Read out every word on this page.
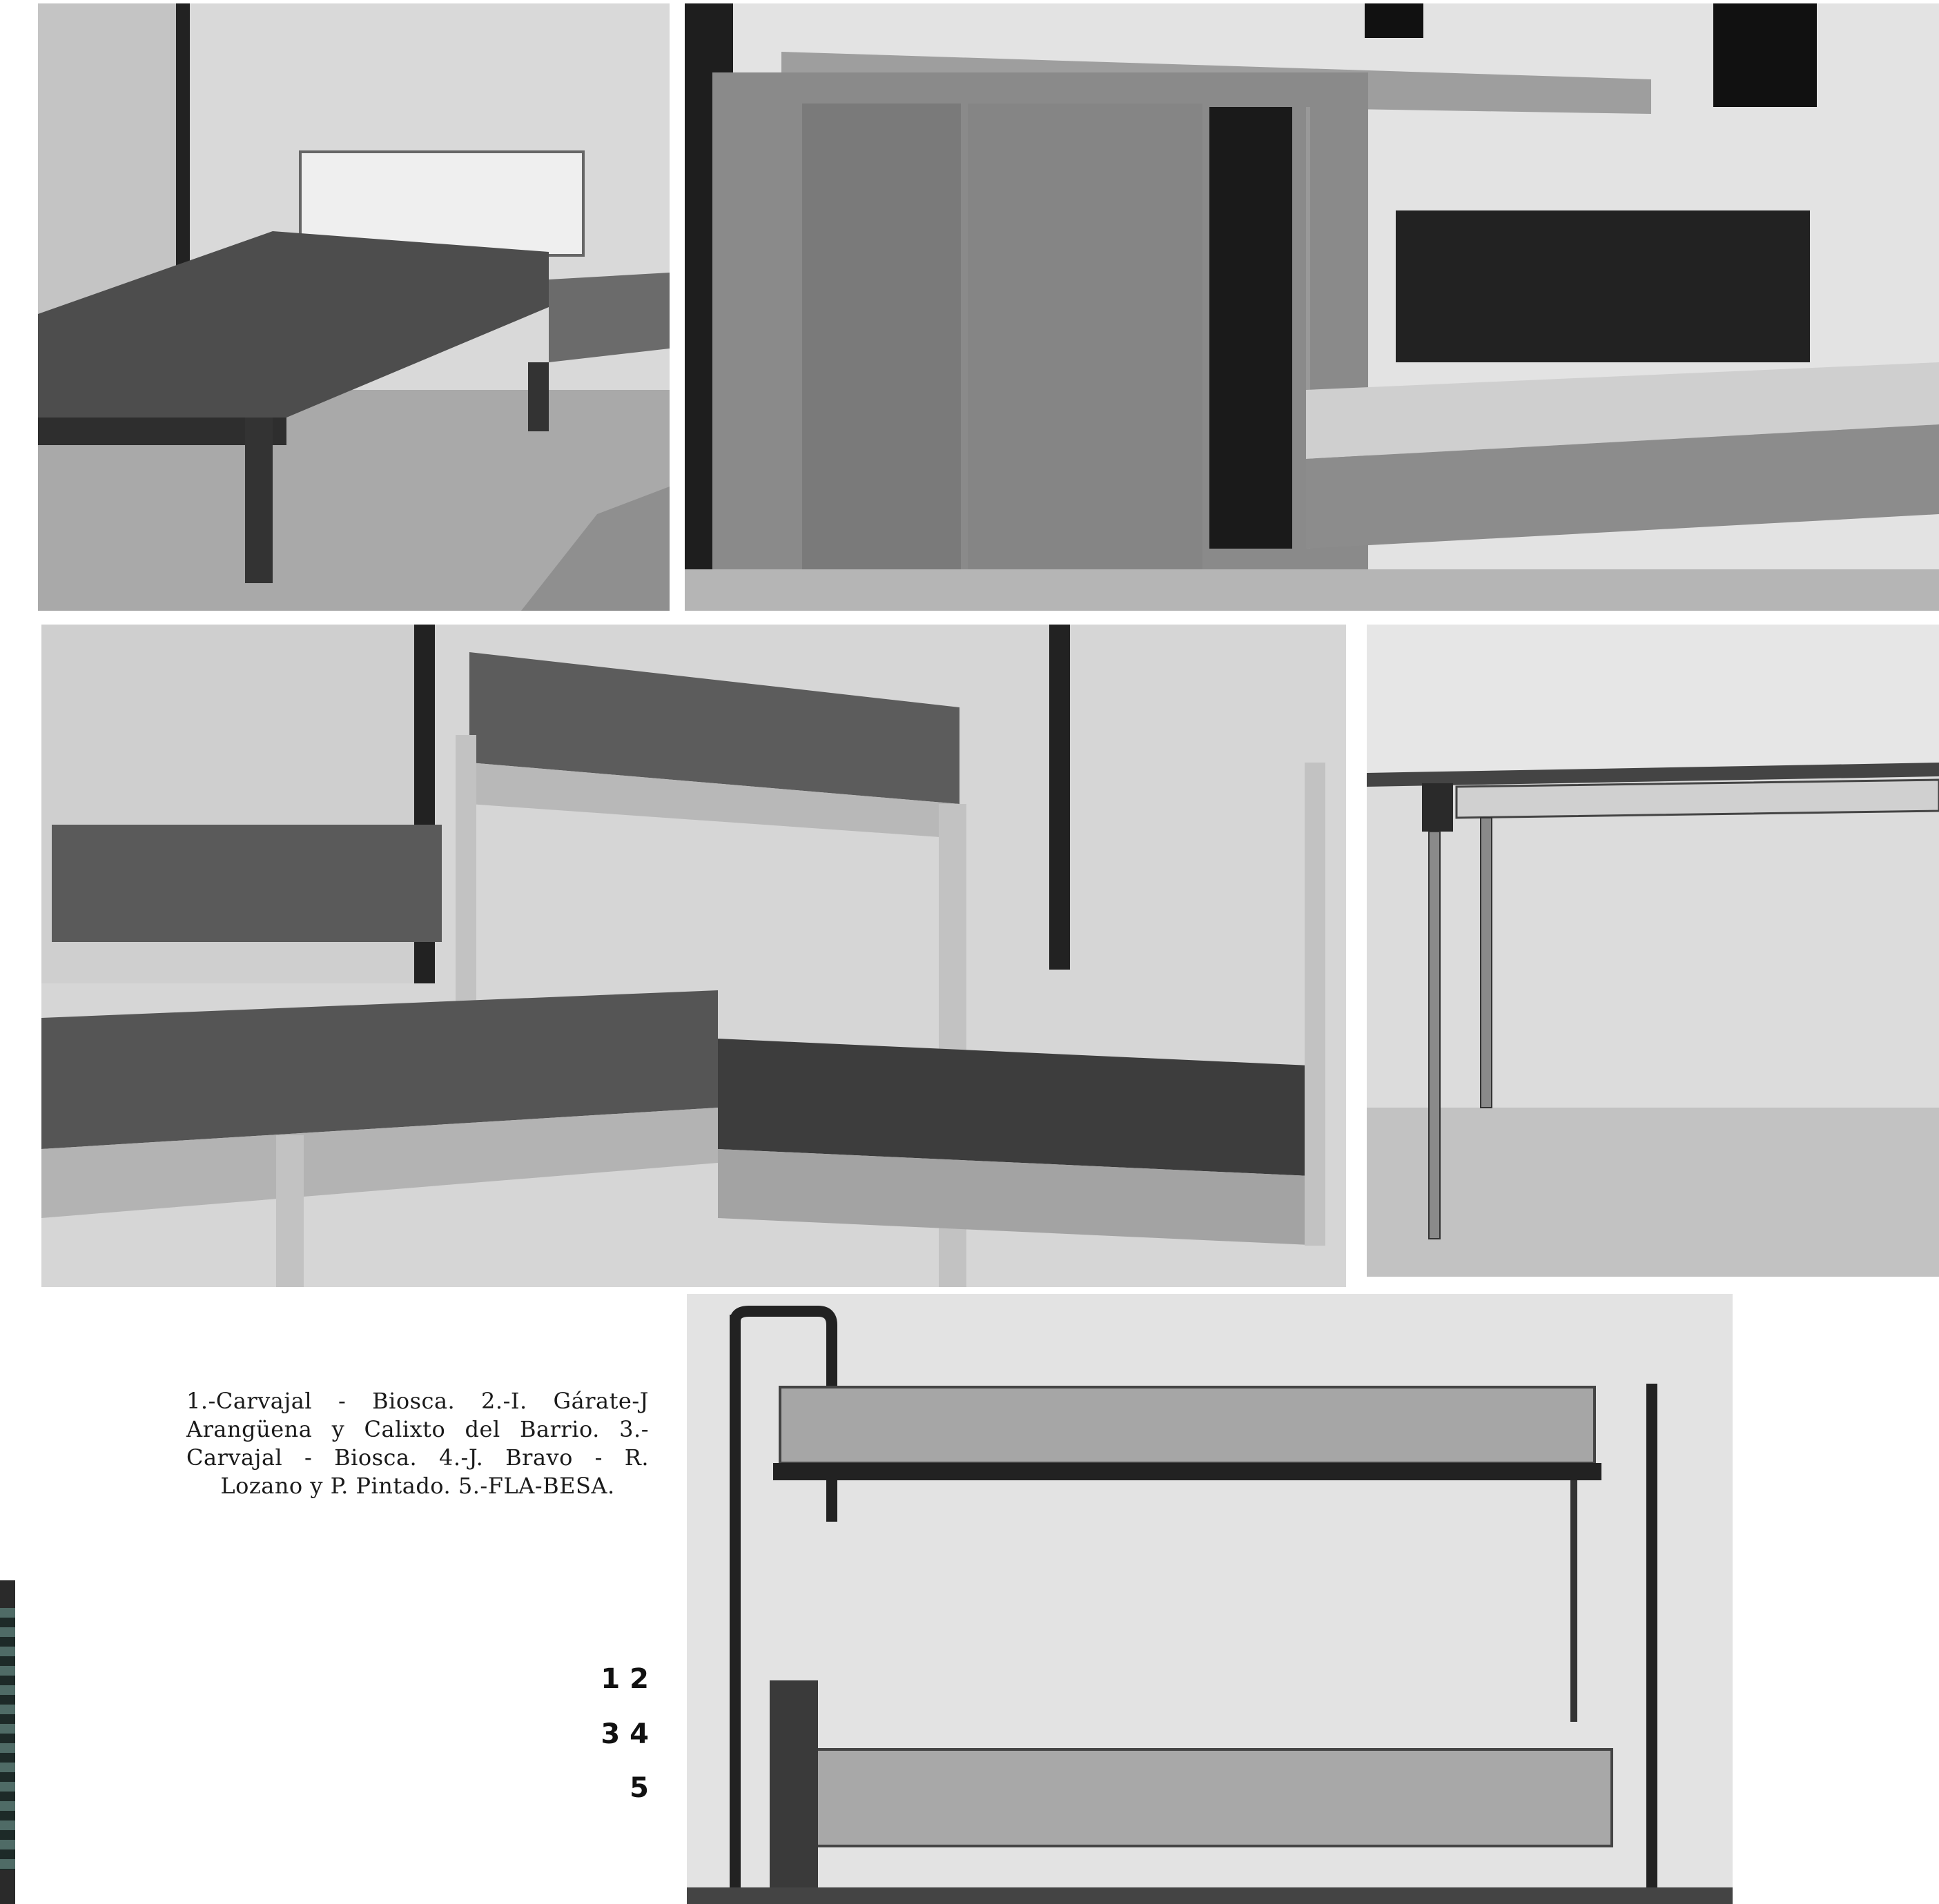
1.-Carvajal - Biosca. 2.-I. Gárate-J Arangüena y Calixto del Barrio. 3.-Carvajal - Biosca. 4.-J. Bravo - R. Lozano y P. Pintado. 5.-FLA-BESA.
1 2
3 4
5
